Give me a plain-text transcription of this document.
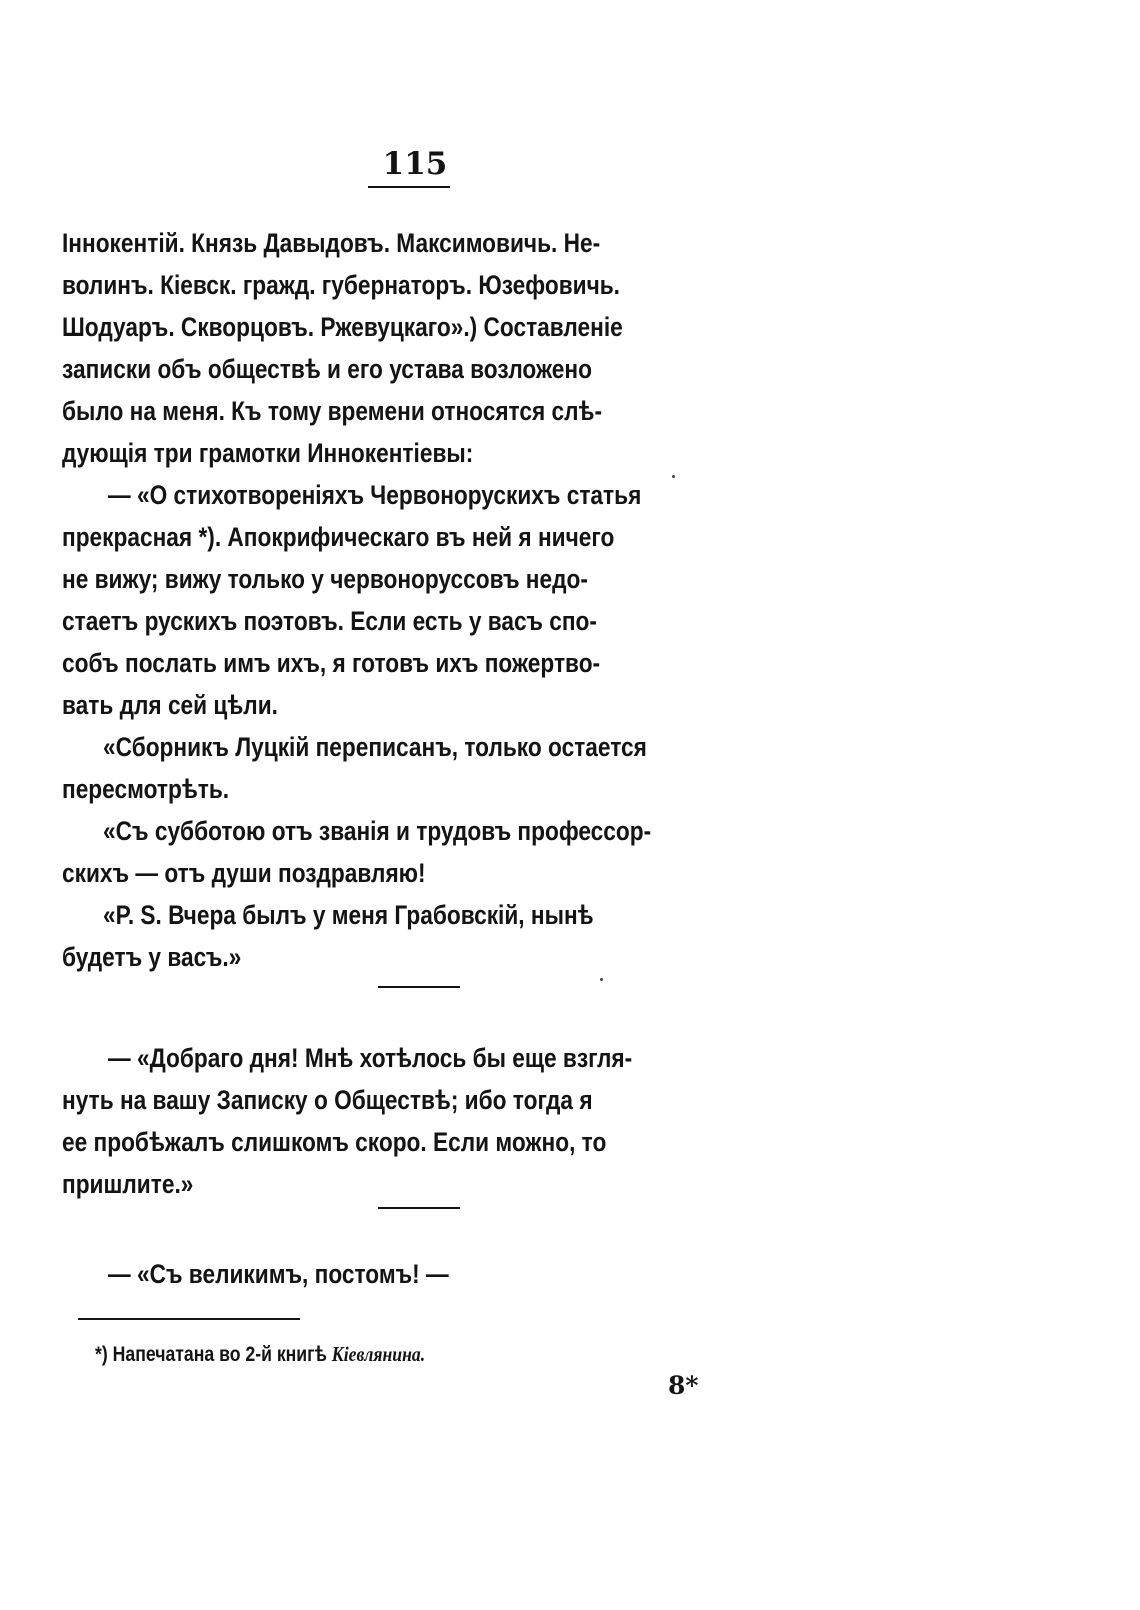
115
Iннокентiй. Князь Давыдовъ. Максимовичь. Не-
волинъ. Кiевск. гражд. губернаторъ. Юзефовичь.
Шодуаръ. Скворцовъ. Ржевуцкаго».) Составленiе
записки объ обществѣ и его устава возложено
было на меня. Къ тому времени относятся слѣ-
дующiя три грамотки Иннокентiевы:
— «О стихотворенiяхъ Червонорускихъ статья
прекрасная *). Апокрифическаго въ ней я ничего
не вижу; вижу только у червоноруссовъ недо-
стаетъ рускихъ поэтовъ. Если есть у васъ спо-
собъ послать имъ ихъ, я готовъ ихъ пожертво-
вать для сей цѣли.
«Сборникъ Луцкiй переписанъ, только остается
пересмотрѣть.
«Съ субботою отъ званiя и трудовъ профессор-
скихъ — отъ души поздравляю!
«P. S. Вчера былъ у меня Грабовскiй, нынѣ
будетъ у васъ.»
— «Добраго дня! Мнѣ хотѣлось бы еще взгля-
нуть на вашу Записку о Обществѣ; ибо тогда я
ее пробѣжалъ слишкомъ скоро. Если можно, то
пришлите.»
— «Съ великимъ, постомъ! —
*) Напечатана во 2-й книгѣ Кiевлянина.
8*
